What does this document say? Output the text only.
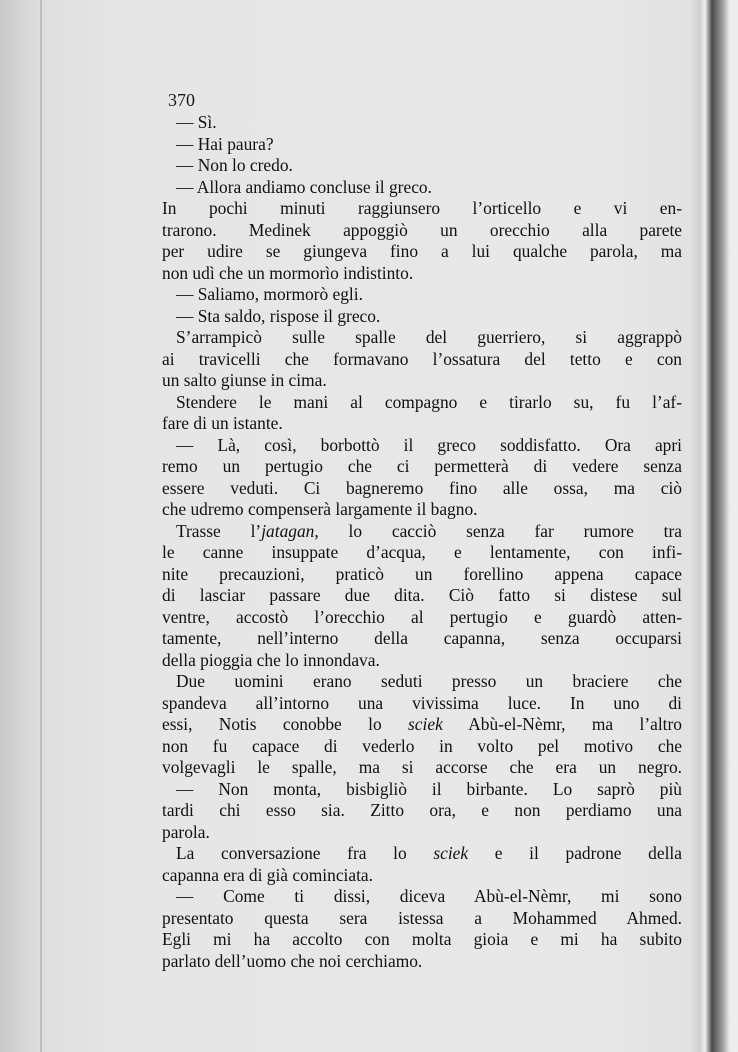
370
— Sì.
— Hai paura?
— Non lo credo.
— Allora andiamo concluse il greco.
In pochi minuti raggiunsero l’orticello e vi en-
trarono. Medinek appoggiò un orecchio alla parete
per udire se giungeva fino a lui qualche parola, ma
non udì che un mormorìo indistinto.
— Saliamo, mormorò egli.
— Sta saldo, rispose il greco.
S’arrampicò sulle spalle del guerriero, si aggrappò
ai travicelli che formavano l’ossatura del tetto e con
un salto giunse in cima.
Stendere le mani al compagno e tirarlo su, fu l’af-
fare di un istante.
— Là, così, borbottò il greco soddisfatto. Ora apri
remo un pertugio che ci permetterà di vedere senza
essere veduti. Ci bagneremo fino alle ossa, ma ciò
che udremo compenserà largamente il bagno.
Trasse l’jatagan, lo cacciò senza far rumore tra
le canne insuppate d’acqua, e lentamente, con infi-
nite precauzioni, praticò un forellino appena capace
di lasciar passare due dita. Ciò fatto si distese sul
ventre, accostò l’orecchio al pertugio e guardò atten-
tamente, nell’interno della capanna, senza occuparsi
della pioggia che lo innondava.
Due uomini erano seduti presso un braciere che
spandeva all’intorno una vivissima luce. In uno di
essi, Notis conobbe lo sciek Abù-el-Nèmr, ma l’altro
non fu capace di vederlo in volto pel motivo che
volgevagli le spalle, ma si accorse che era un negro.
— Non monta, bisbigliò il birbante. Lo saprò più
tardi chi esso sia. Zitto ora, e non perdiamo una
parola.
La conversazione fra lo sciek e il padrone della
capanna era di già cominciata.
— Come ti dissi, diceva Abù-el-Nèmr, mi sono
presentato questa sera istessa a Mohammed Ahmed.
Egli mi ha accolto con molta gioia e mi ha subito
parlato dell’uomo che noi cerchiamo.
